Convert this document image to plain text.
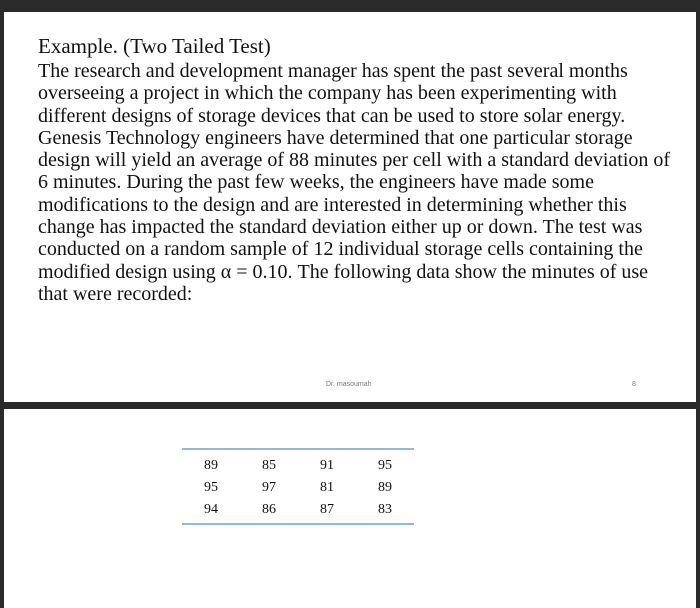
Example. (Two Tailed Test)
The research and development manager has spent the past several months
overseeing a project in which the company has been experimenting with
different designs of storage devices that can be used to store solar energy.
Genesis Technology engineers have determined that one particular storage
design will yield an average of 88 minutes per cell with a standard deviation of
6 minutes. During the past few weeks, the engineers have made some
modifications to the design and are interested in determining whether this
change has impacted the standard deviation either up or down. The test was
conducted on a random sample of 12 individual storage cells containing the
modified design using α = 0.10. The following data show the minutes of use
that were recorded:
Dr. masoumah	8
89	85	91	95
95	97	81	89
94	86	87	83
